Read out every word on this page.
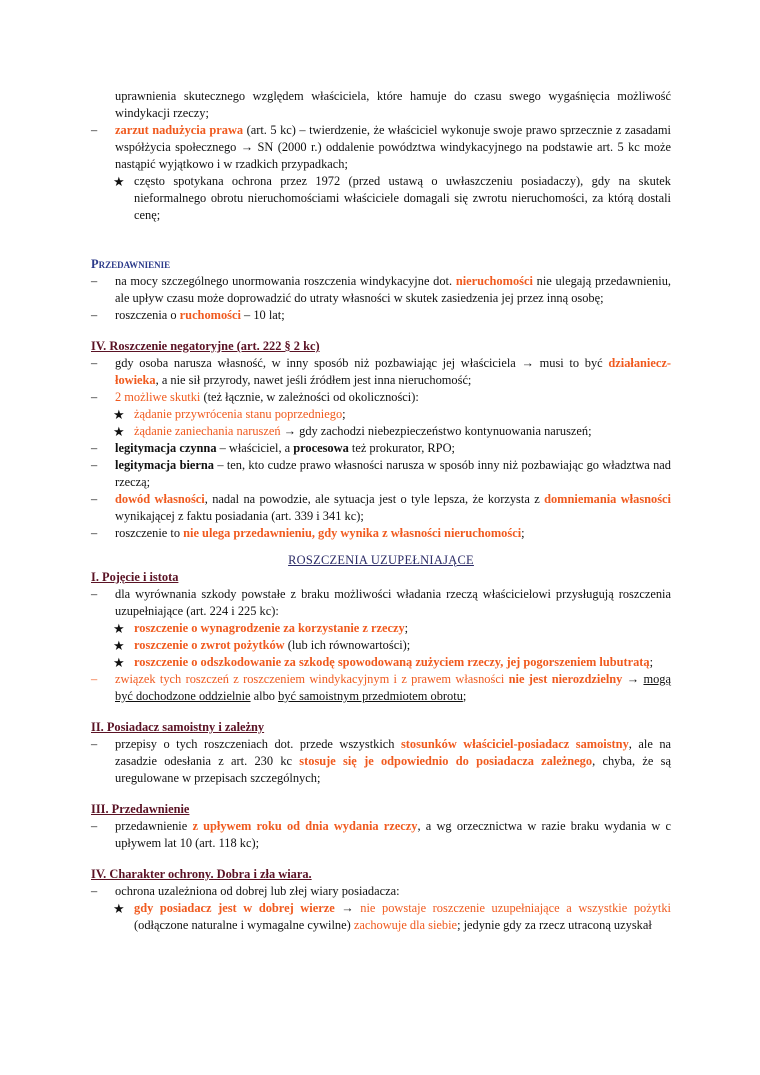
uprawnienia skutecznego względem właściciela, które hamuje do czasu swego wygaśnięcia możliwość windykacji rzeczy;
– zarzut nadużycia prawa (art. 5 kc) – twierdzenie, że właściciel wykonuje swoje prawo sprzecznie z zasadami współżycia społecznego → SN (2000 r.) oddalenie powództwa windykacyjnego na podstawie art. 5 kc może nastąpić wyjątkowo i w rzadkich przypadkach;
★ często spotykana ochrona przez 1972 (przed ustawą o uwłaszczeniu posiadaczy), gdy na skutek nieformalnego obrotu nieruchomościami właściciele domagali się zwrotu nieruchomości, za którą dostali cenę;
Przedawnienie
– na mocy szczególnego unormowania roszczenia windykacyjne dot. nieruchomości nie ulegają przedawnieniu, ale upływ czasu może doprowadzić do utraty własności w skutek zasiedzenia jej przez inną osobę;
– roszczenia o ruchomości – 10 lat;
IV. Roszczenie negatoryjne (art. 222 § 2 kc)
– gdy osoba narusza własność, w inny sposób niż pozbawiając jej właściciela → musi to być działanieczłowieka, a nie sił przyrody, nawet jeśli źródłem jest inna nieruchomość;
– 2 możliwe skutki (też łącznie, w zależności od okoliczności):
★ żądanie przywrócenia stanu poprzedniego;
★ żądanie zaniechania naruszeń → gdy zachodzi niebezpieczeństwo kontynuowania naruszeń;
– legitymacja czynna – właściciel, a procesowa też prokurator, RPO;
– legitymacja bierna – ten, kto cudze prawo własności narusza w sposób inny niż pozbawiając go władztwa nad rzeczą;
– dowód własności, nadal na powodzie, ale sytuacja jest o tyle lepsza, że korzysta z domniemania własności wynikającej z faktu posiadania (art. 339 i 341 kc);
– roszczenie to nie ulega przedawnieniu, gdy wynika z własności nieruchomości;
ROSZCZENIA UZUPEŁNIAJĄCE
I. Pojęcie i istota
– dla wyrównania szkody powstałe z braku możliwości władania rzeczą właścicielowi przysługują roszczenia uzupełniające (art. 224 i 225 kc):
★ roszczenie o wynagrodzenie za korzystanie z rzeczy;
★ roszczenie o zwrot pożytków (lub ich równowartości);
★ roszczenie o odszkodowanie za szkodę spowodowaną zużyciem rzeczy, jej pogorszeniem lubutratą;
– związek tych roszczeń z roszczeniem windykacyjnym i z prawem własności nie jest nierozdzielny → mogą być dochodzone oddzielnie albo być samoistnym przedmiotem obrotu;
II. Posiadacz samoistny i zależny
– przepisy o tych roszczeniach dot. przede wszystkich stosunków właściciel-posiadacz samoistny, ale na zasadzie odesłania z art. 230 kc stosuje się je odpowiednio do posiadacza zależnego, chyba, że są uregulowane w przepisach szczególnych;
III. Przedawnienie
– przedawnienie z upływem roku od dnia wydania rzeczy, a wg orzecznictwa w razie braku wydania w c upływem lat 10 (art. 118 kc);
IV. Charakter ochrony. Dobra i zła wiara.
– ochrona uzależniona od dobrej lub złej wiary posiadacza:
★ gdy posiadacz jest w dobrej wierze → nie powstaje roszczenie uzupełniające a wszystkie pożytki (odłączone naturalne i wymagalne cywilne) zachowuje dla siebie; jedynie gdy za rzecz utraconą uzyskał
